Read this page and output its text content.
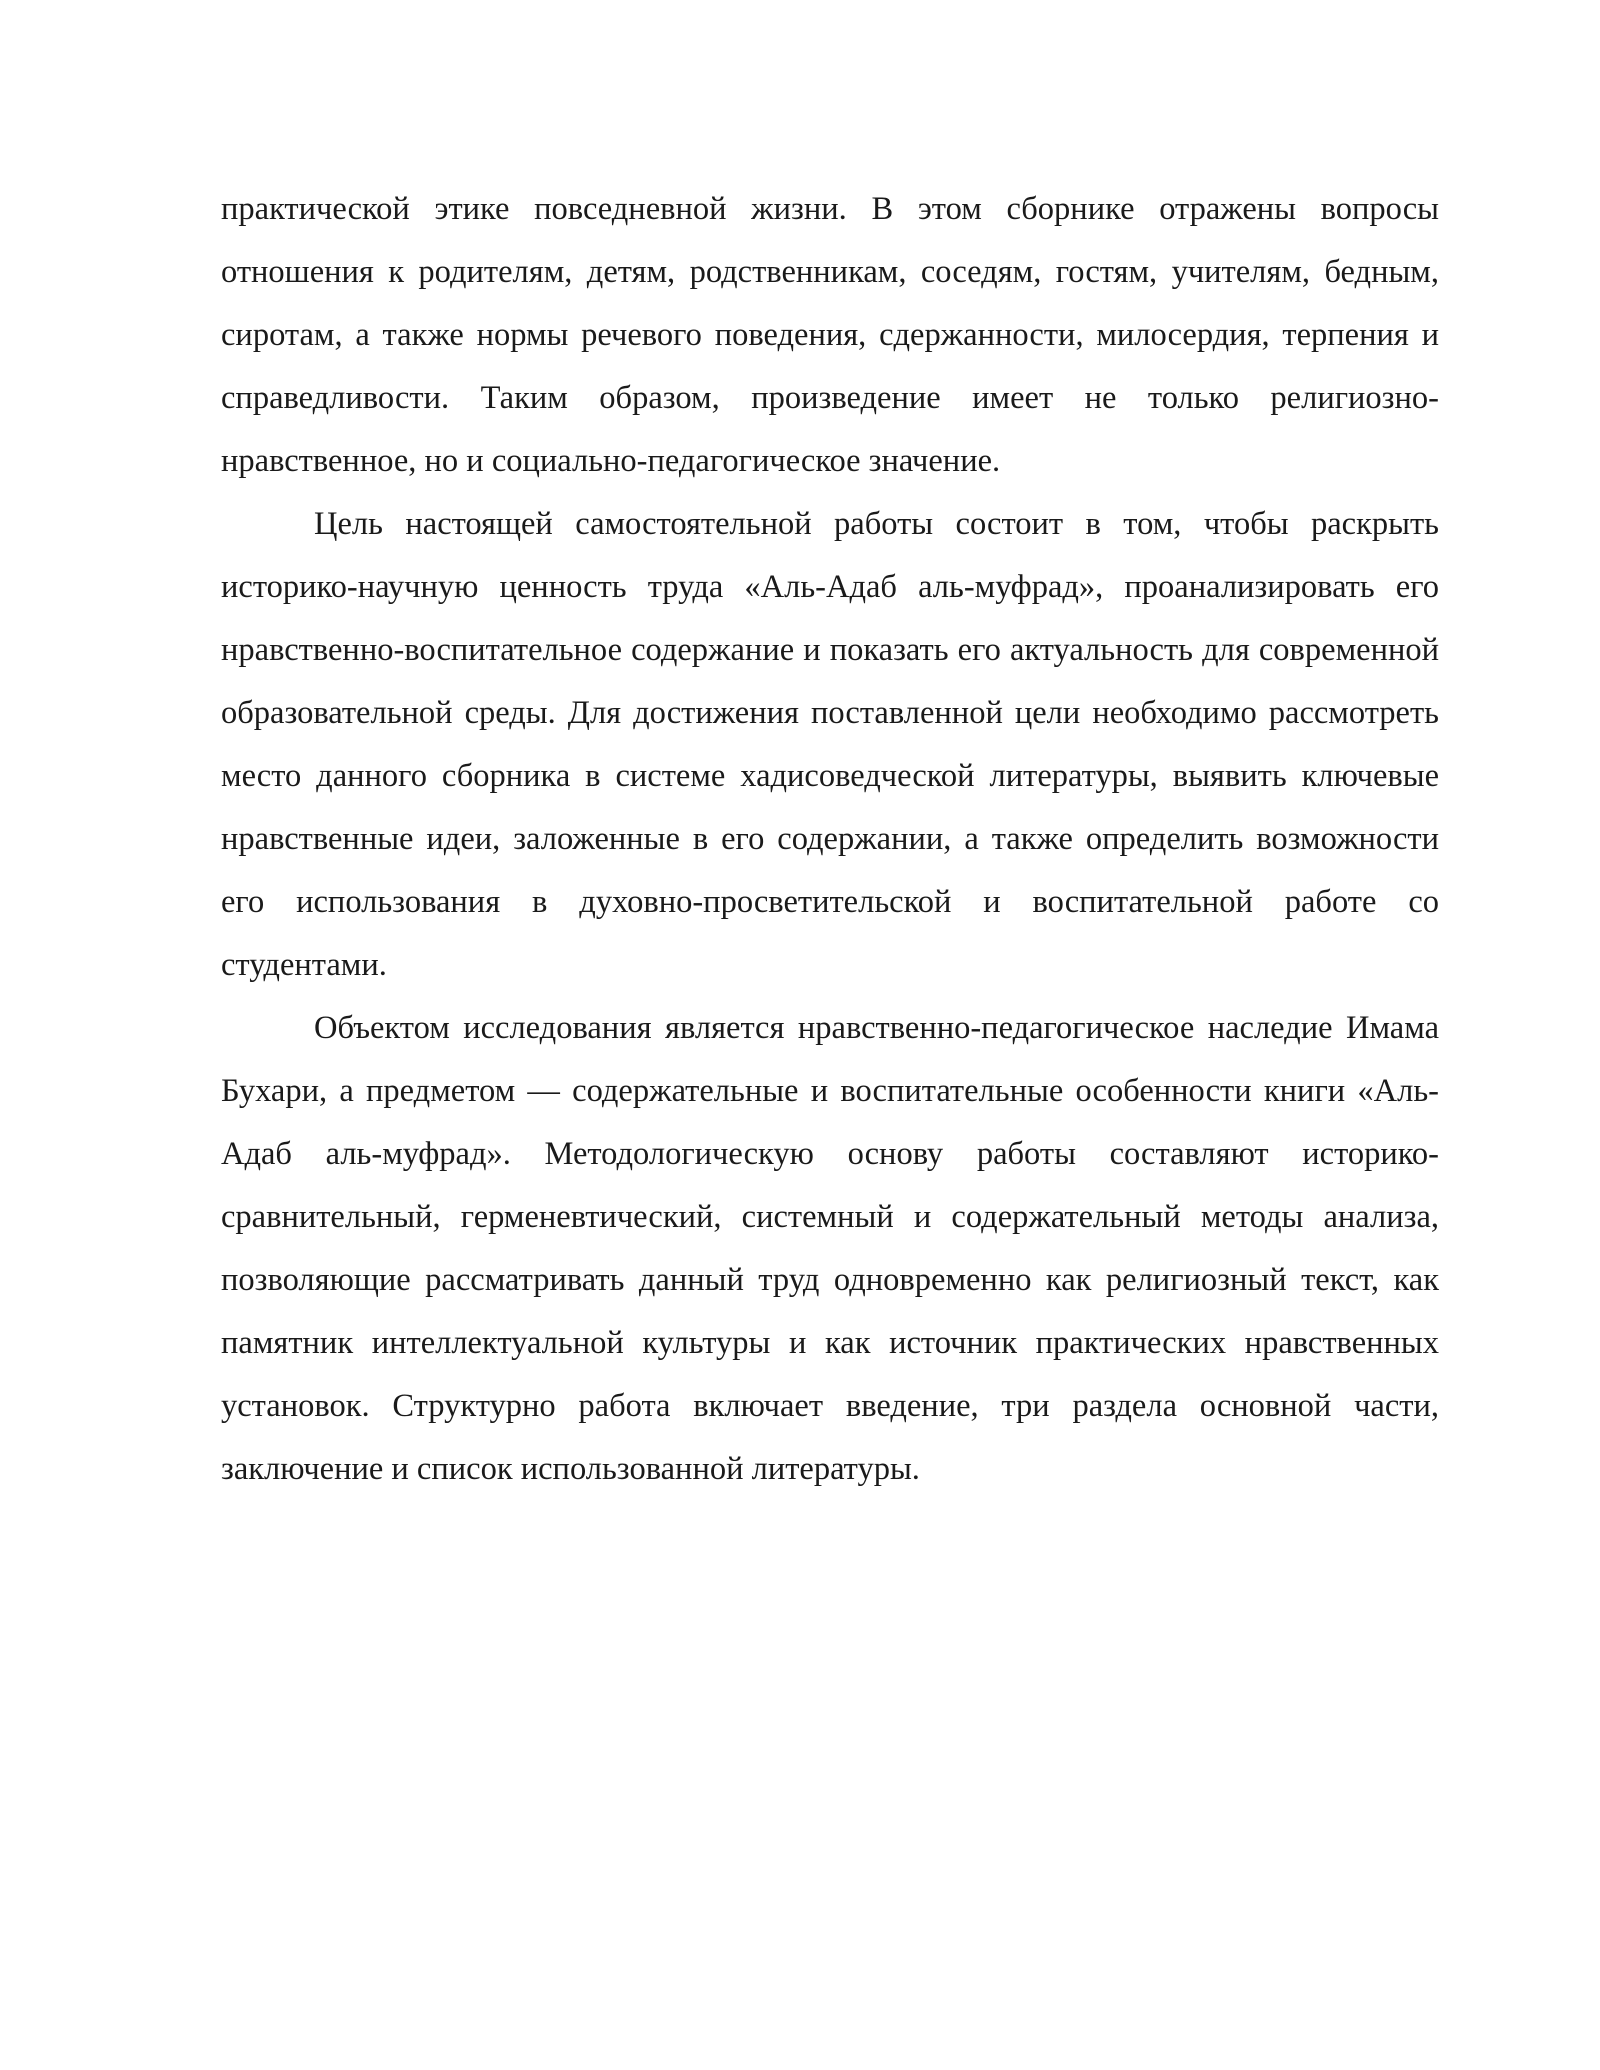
практической этике повседневной жизни. В этом сборнике отражены вопросы отношения к родителям, детям, родственникам, соседям, гостям, учителям, бедным, сиротам, а также нормы речевого поведения, сдержанности, милосердия, терпения и справедливости. Таким образом, произведение имеет не только религиозно-нравственное, но и социально-педагогическое значение.

Цель настоящей самостоятельной работы состоит в том, чтобы раскрыть историко-научную ценность труда «Аль-Адаб аль-муфрад», проанализировать его нравственно-воспитательное содержание и показать его актуальность для современной образовательной среды. Для достижения поставленной цели необходимо рассмотреть место данного сборника в системе хадисоведческой литературы, выявить ключевые нравственные идеи, заложенные в его содержании, а также определить возможности его использования в духовно-просветительской и воспитательной работе со студентами.

Объектом исследования является нравственно-педагогическое наследие Имама Бухари, а предметом — содержательные и воспитательные особенности книги «Аль-Адаб аль-муфрад». Методологическую основу работы составляют историко-сравнительный, герменевтический, системный и содержательный методы анализа, позволяющие рассматривать данный труд одновременно как религиозный текст, как памятник интеллектуальной культуры и как источник практических нравственных установок. Структурно работа включает введение, три раздела основной части, заключение и список использованной литературы.
